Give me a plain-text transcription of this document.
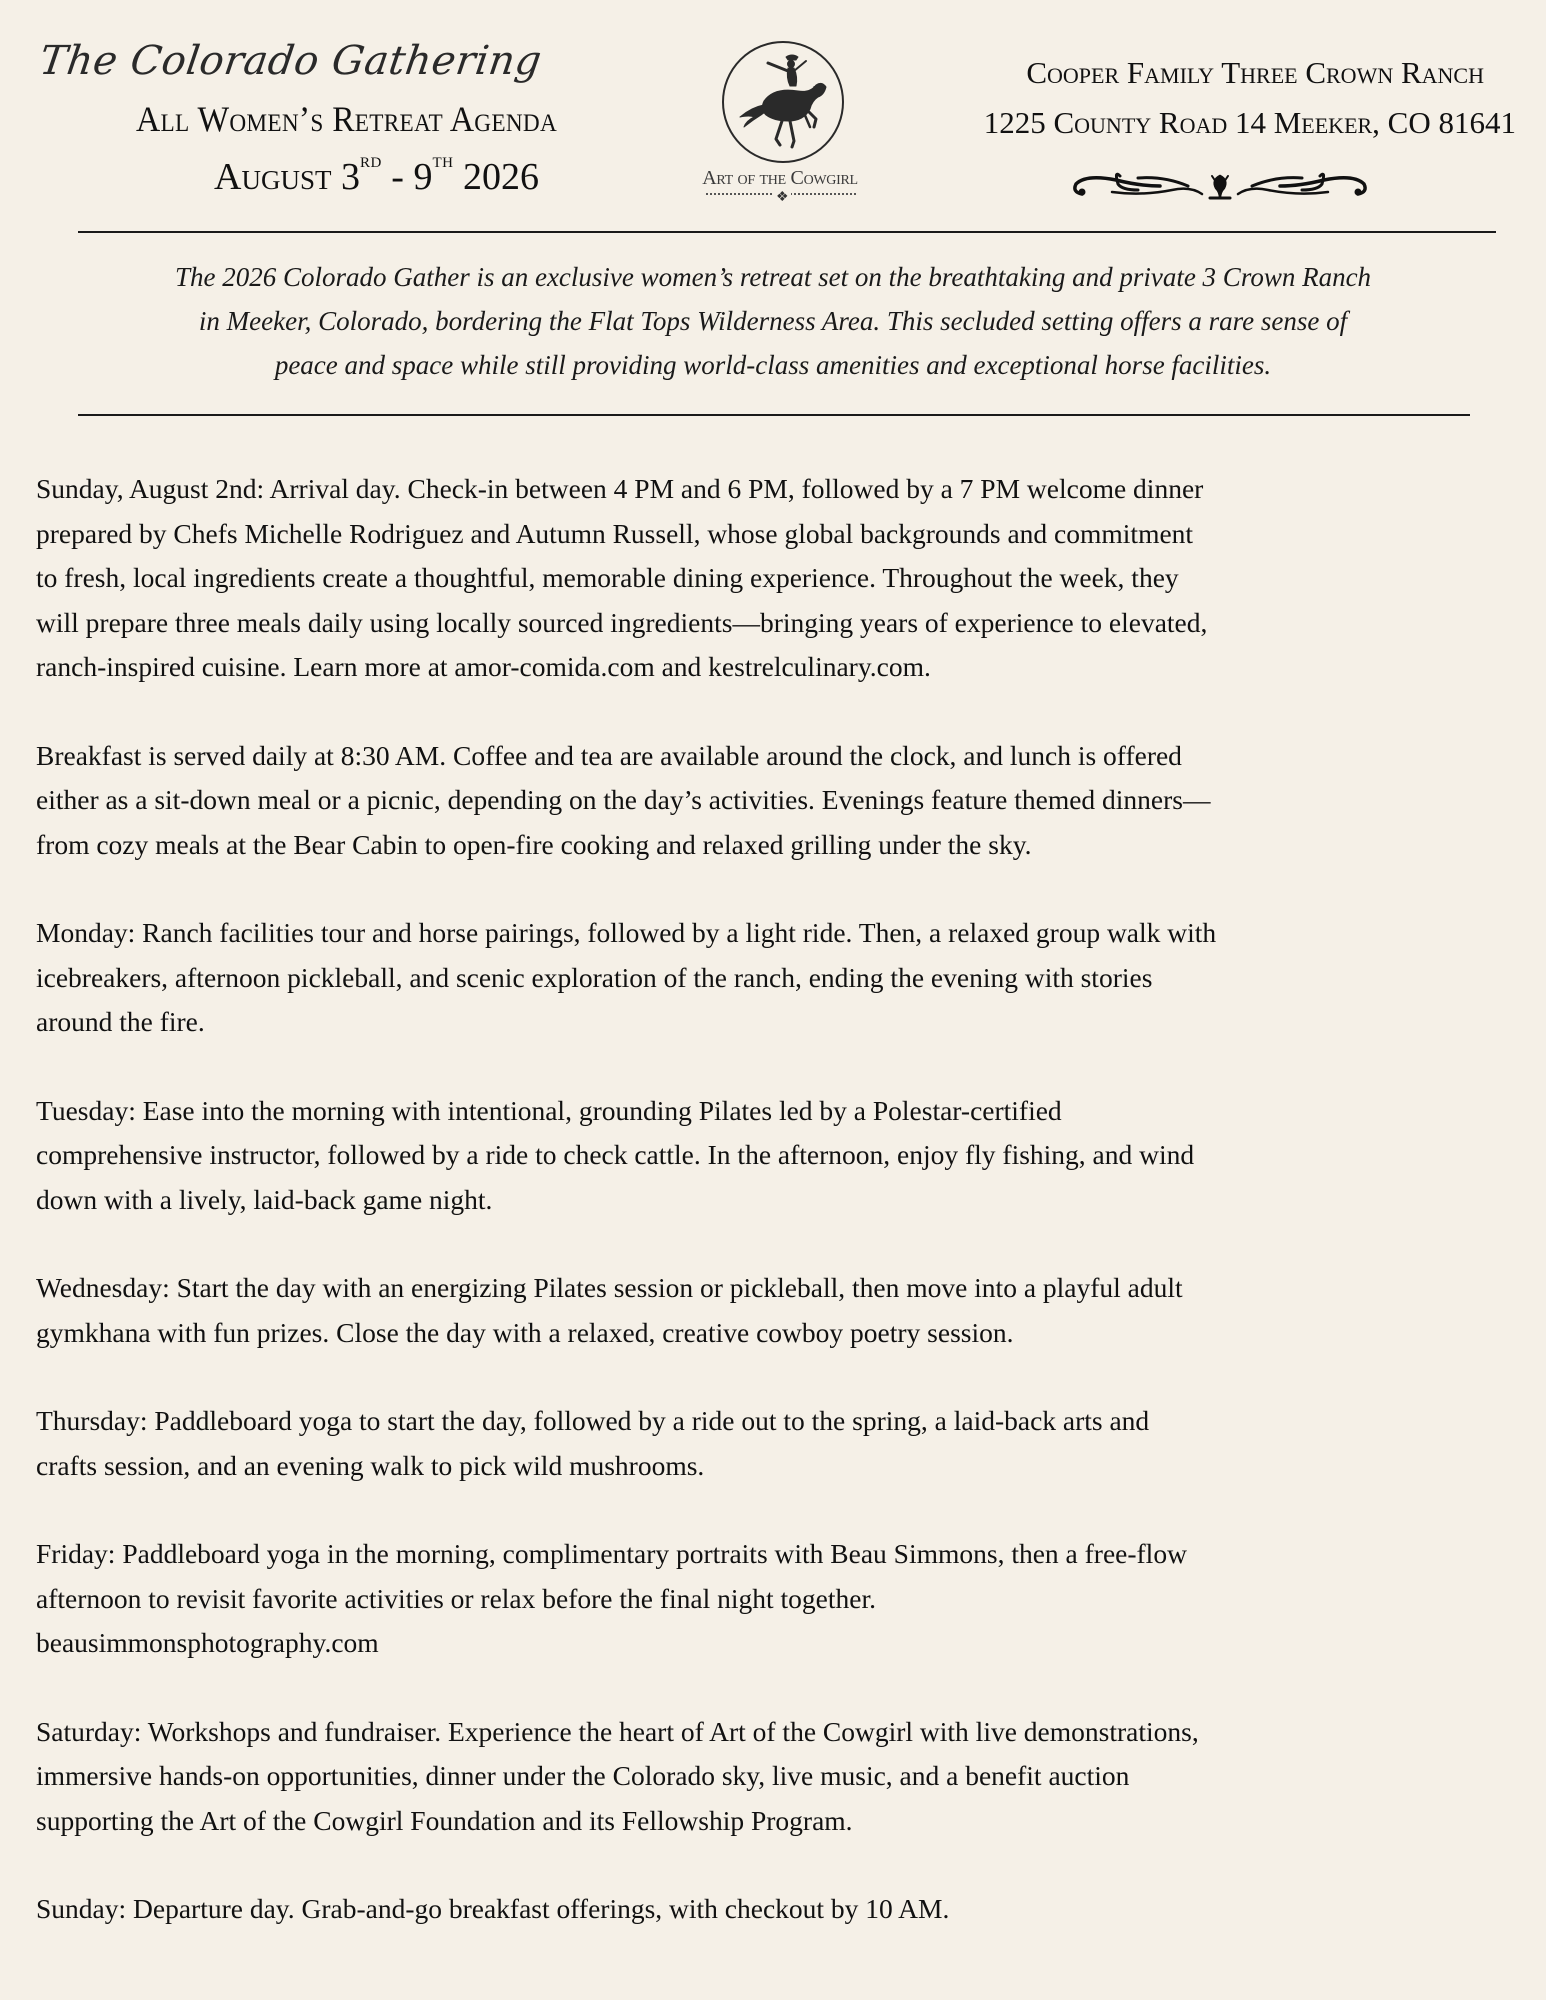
The Colorado Gathering
All Women’s Retreat Agenda
August 3RD - 9TH 2026	Art of the Cowgirl
❖
Cooper Family Three Crown Ranch
1225 County Road 14 Meeker, CO 81641
The 2026 Colorado Gather is an exclusive women’s retreat set on the breathtaking and private 3 Crown Ranch
in Meeker, Colorado, bordering the Flat Tops Wilderness Area. This secluded setting offers a rare sense of
peace and space while still providing world-class amenities and exceptional horse facilities.

Sunday, August 2nd: Arrival day. Check-in between 4 PM and 6 PM, followed by a 7 PM welcome dinner
prepared by Chefs Michelle Rodriguez and Autumn Russell, whose global backgrounds and commitment
to fresh, local ingredients create a thoughtful, memorable dining experience. Throughout the week, they
will prepare three meals daily using locally sourced ingredients—bringing years of experience to elevated,
ranch-inspired cuisine. Learn more at amor-comida.com and kestrelculinary.com.

Breakfast is served daily at 8:30 AM. Coffee and tea are available around the clock, and lunch is offered
either as a sit-down meal or a picnic, depending on the day’s activities. Evenings feature themed dinners—
from cozy meals at the Bear Cabin to open-fire cooking and relaxed grilling under the sky.

Monday: Ranch facilities tour and horse pairings, followed by a light ride. Then, a relaxed group walk with
icebreakers, afternoon pickleball, and scenic exploration of the ranch, ending the evening with stories
around the fire.

Tuesday: Ease into the morning with intentional, grounding Pilates led by a Polestar-certified
comprehensive instructor, followed by a ride to check cattle. In the afternoon, enjoy fly fishing, and wind
down with a lively, laid-back game night.

Wednesday: Start the day with an energizing Pilates session or pickleball, then move into a playful adult
gymkhana with fun prizes. Close the day with a relaxed, creative cowboy poetry session.

Thursday: Paddleboard yoga to start the day, followed by a ride out to the spring, a laid-back arts and
crafts session, and an evening walk to pick wild mushrooms.

Friday: Paddleboard yoga in the morning, complimentary portraits with Beau Simmons, then a free-flow
afternoon to revisit favorite activities or relax before the final night together.
beausimmonsphotography.com

Saturday: Workshops and fundraiser. Experience the heart of Art of the Cowgirl with live demonstrations,
immersive hands-on opportunities, dinner under the Colorado sky, live music, and a benefit auction
supporting the Art of the Cowgirl Foundation and its Fellowship Program.

Sunday: Departure day. Grab-and-go breakfast offerings, with checkout by 10 AM.
